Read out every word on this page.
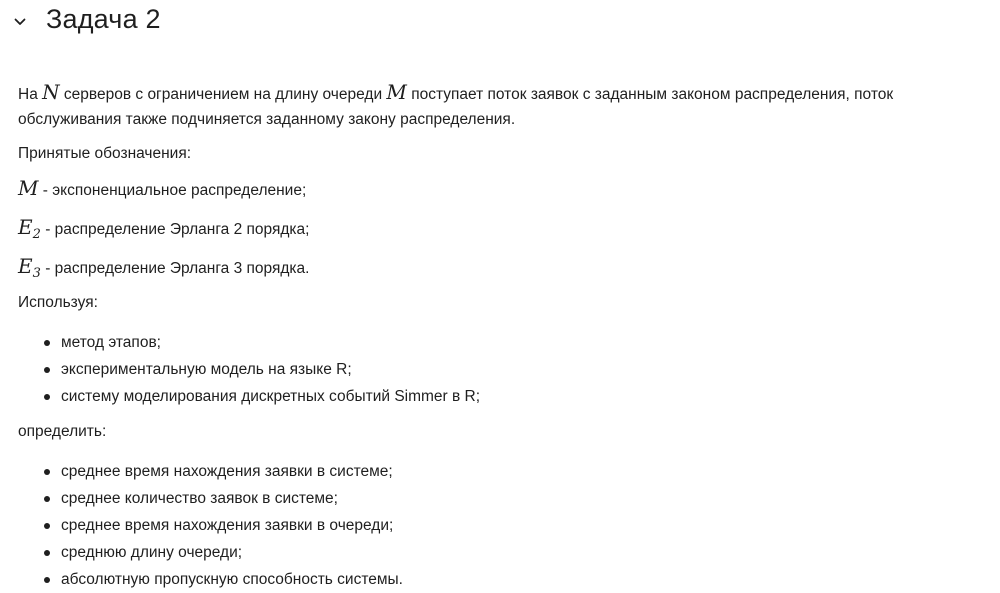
Задача 2

На N серверов с ограничением на длину очереди M поступает поток заявок с заданным законом распределения, поток

обслуживания также подчиняется заданному закону распределения.

Принятые обозначения:

M - экспоненциальное распределение;

$E_2$ - распределение Эрланга 2 порядка;

$E_3$ - распределение Эрланга 3 порядка.

Используя:

метод этапов;
экспериментальную модель на языке R;
систему моделирования дискретных событий Simmer в R;

определить:

среднее время нахождения заявки в системе;
среднее количество заявок в системе;
среднее время нахождения заявки в очереди;
среднюю длину очереди;
абсолютную пропускную способность системы.
